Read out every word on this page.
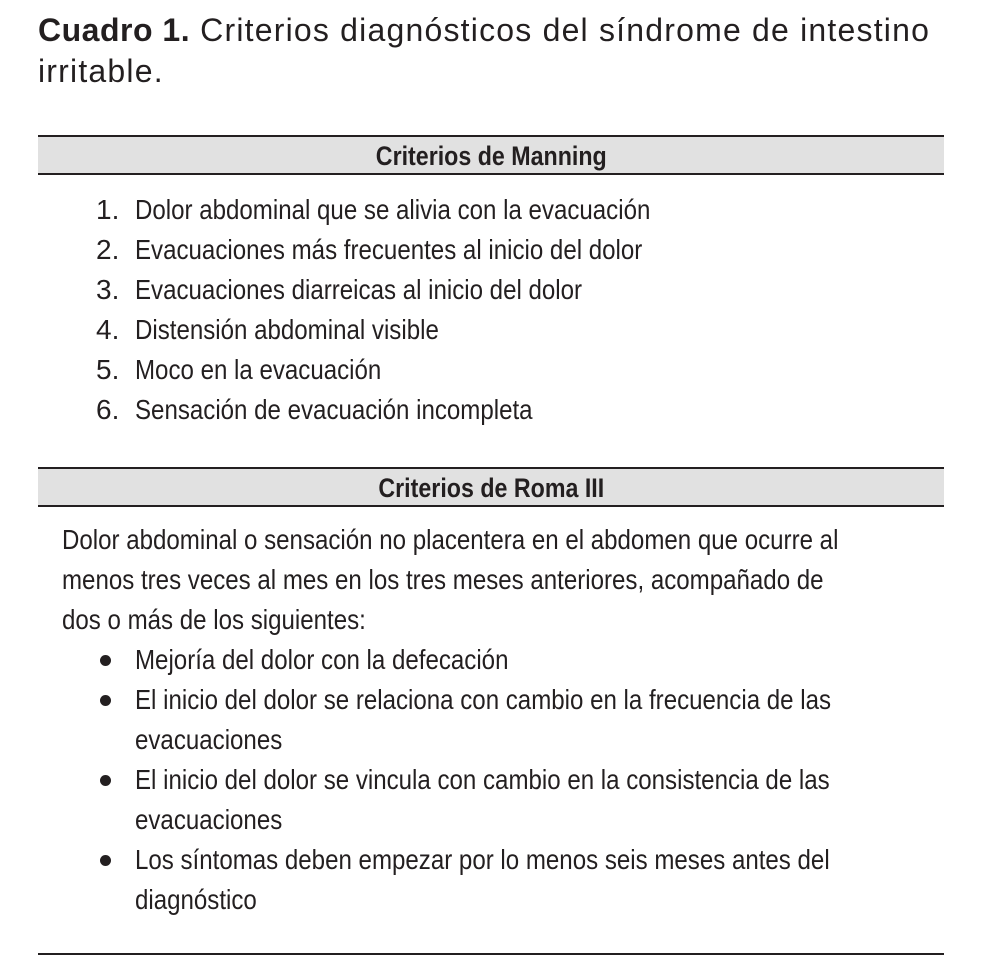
Cuadro 1. Criterios diagnósticos del síndrome de intestino
irritable.
Criterios de Manning
1. Dolor abdominal que se alivia con la evacuación
2. Evacuaciones más frecuentes al inicio del dolor
3. Evacuaciones diarreicas al inicio del dolor
4. Distensión abdominal visible
5. Moco en la evacuación
6. Sensación de evacuación incompleta
Criterios de Roma III
Dolor abdominal o sensación no placentera en el abdomen que ocurre al
menos tres veces al mes en los tres meses anteriores, acompañado de
dos o más de los siguientes:
Mejoría del dolor con la defecación
El inicio del dolor se relaciona con cambio en la frecuencia de las
evacuaciones
El inicio del dolor se vincula con cambio en la consistencia de las
evacuaciones
Los síntomas deben empezar por lo menos seis meses antes del
diagnóstico
